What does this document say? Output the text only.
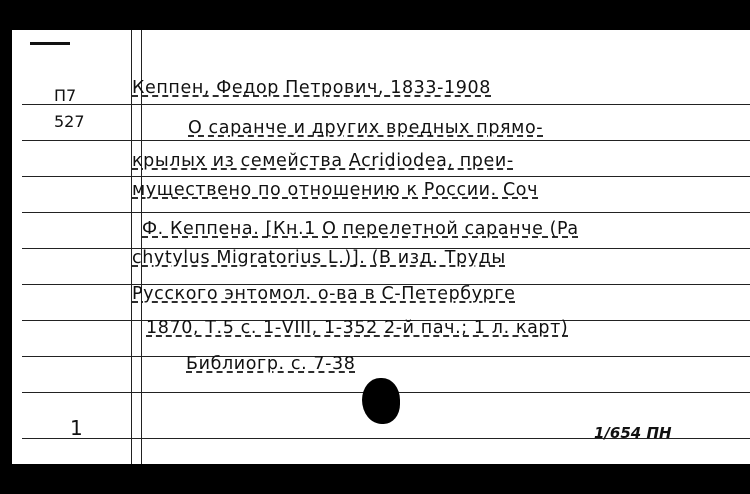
П7
527
Кеппен, Федор Петрович, 1833-1908
О саранче и других вредных прямо-
крылых из семейства Acridiodea, преи-
муществено по отношению к России. Соч
Ф. Кеппена. [Кн.1 О перелетной саранче (Pa
chytylus Migratorius L.)]. (В изд. Труды
Русского энтомол. о-ва в С-Петербурге
1870, Т.5 с. 1-VIII, 1-352 2-й пач.; 1 л. карт)
Библиогр. с. 7-38
1	1/654 ПН
